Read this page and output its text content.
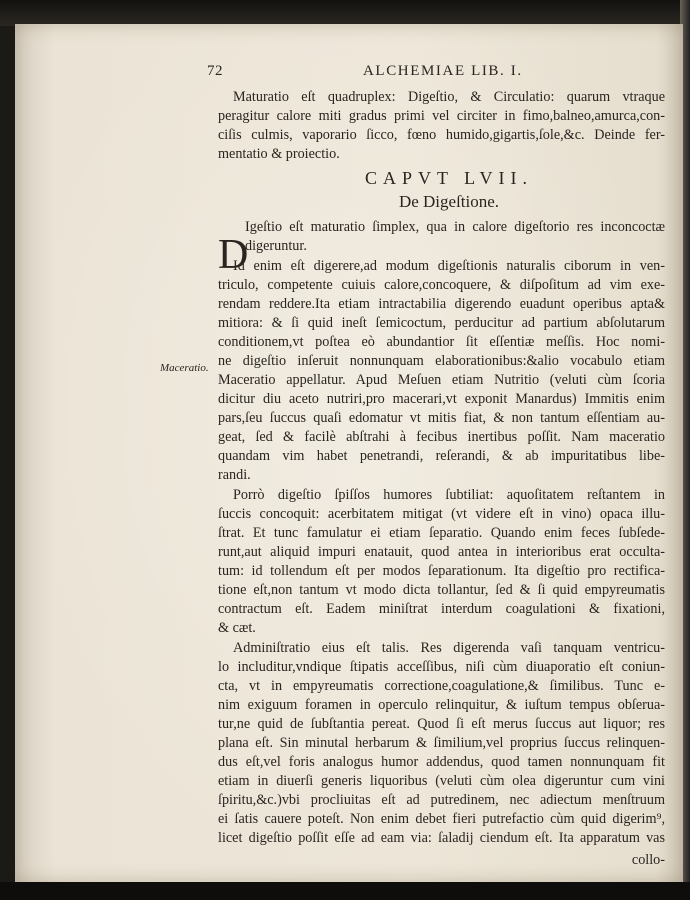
72	ALCHEMIAE LIB. I.
Maturatio eſt quadruplex: Digeſtio, & Circulatio: quarum vtraque
peragitur calore miti gradus primi vel circiter in fimo,balneo,amurca,con-
ciſis culmis, vaporario ſicco, fœno humido,gigartis,ſole,&c. Deinde fer-
mentatio & proiectio.
CAPVT LVII.
De Digeſtione.
D
Igeſtio eſt maturatio ſimplex, qua in calore digeſtorio res inconcoctæ
digeruntur.
Maceratio.
Id enim eſt digerere,ad modum digeſtionis naturalis ciborum in ven-
triculo, competente cuiuis calore,concoquere, & diſpoſitum ad vim exe-
rendam reddere.Ita etiam intractabilia digerendo euadunt operibus apta&
mitiora: & ſi quid ineſt ſemicoctum, perducitur ad partium abſolutarum
conditionem,vt poſtea eò abundantior ſit eſſentiæ meſſis. Hoc nomi-
ne digeſtio inſeruit nonnunquam elaborationibus:&alio vocabulo etiam
Maceratio appellatur. Apud Meſuen etiam Nutritio (veluti cùm ſcoria
dicitur diu aceto nutriri,pro macerari,vt exponit Manardus) Immitis enim
pars,ſeu ſuccus quaſi edomatur vt mitis fiat, & non tantum eſſentiam au-
geat, ſed & facilè abſtrahi à fecibus inertibus poſſit. Nam maceratio
quandam vim habet penetrandi, reſerandi, & ab impuritatibus libe-
randi.
Porrò digeſtio ſpiſſos humores ſubtiliat: aquoſitatem reſtantem in
ſuccis concoquit: acerbitatem mitigat (vt videre eſt in vino) opaca illu-
ſtrat. Et tunc famulatur ei etiam ſeparatio. Quando enim feces ſubſede-
runt,aut aliquid impuri enatauit, quod antea in interioribus erat occulta-
tum: id tollendum eſt per modos ſeparationum. Ita digeſtio pro rectifica-
tione eſt,non tantum vt modo dicta tollantur, ſed & ſi quid empyreumatis
contractum eſt. Eadem miniſtrat interdum coagulationi & fixationi,
& cæt.
Adminiſtratio eius eſt talis. Res digerenda vaſi tanquam ventricu-
lo includitur,vndique ſtipatis acceſſibus, niſi cùm diuaporatio eſt coniun-
cta, vt in empyreumatis correctione,coagulatione,& ſimilibus. Tunc e-
nim exiguum foramen in operculo relinquitur, & iuſtum tempus obſerua-
tur,ne quid de ſubſtantia pereat. Quod ſi eſt merus ſuccus aut liquor; res
plana eſt. Sin minutal herbarum & ſimilium,vel proprius ſuccus relinquen-
dus eſt,vel foris analogus humor addendus, quod tamen nonnunquam fit
etiam in diuerſi generis liquoribus (veluti cùm olea digeruntur cum vini
ſpiritu,&c.)vbi procliuitas eſt ad putredinem, nec adiectum menſtruum
ei ſatis cauere poteſt. Non enim debet fieri putrefactio cùm quid digerim⁹,
licet digeſtio poſſit eſſe ad eam via: ſaladij ciendum eſt. Ita apparatum vas
collo-
